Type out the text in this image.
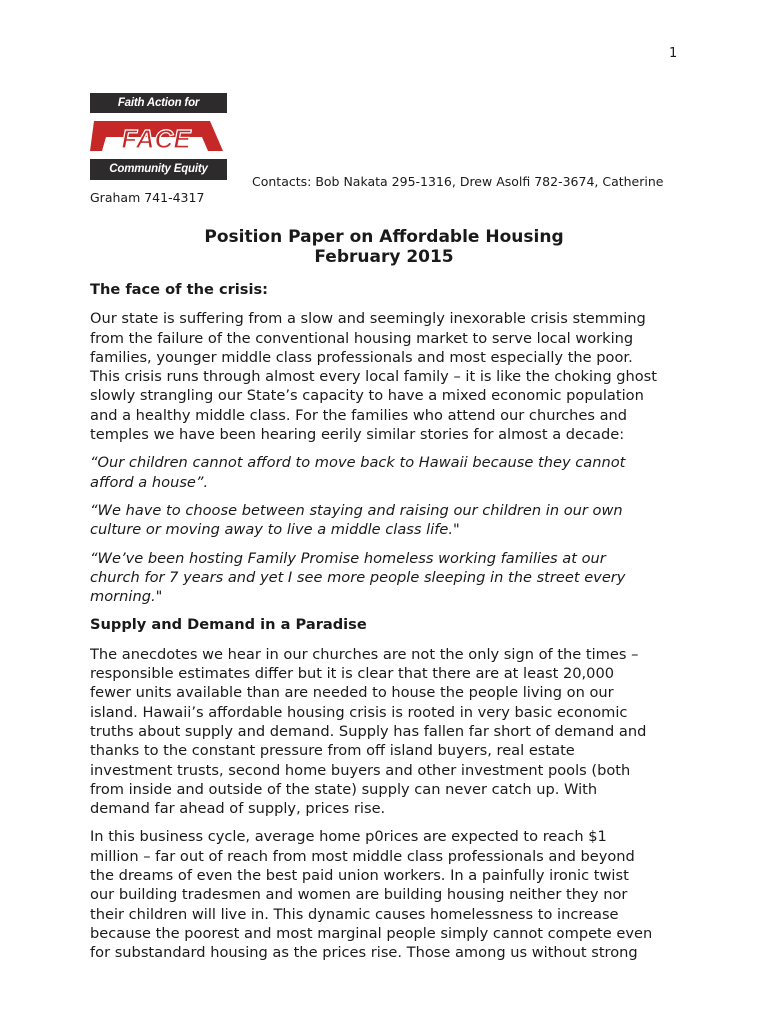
1
Faith Action for
FACE
Community Equity
Contacts: Bob Nakata 295-1316, Drew Asolfi 782-3674, Catherine
Graham 741-4317
Position Paper on Affordable Housing
February 2015
The face of the crisis:

Our state is suffering from a slow and seemingly inexorable crisis stemming
from the failure of the conventional housing market to serve local working
families, younger middle class professionals and most especially the poor.
This crisis runs through almost every local family – it is like the choking ghost
slowly strangling our State’s capacity to have a mixed economic population
and a healthy middle class. For the families who attend our churches and
temples we have been hearing eerily similar stories for almost a decade:

“Our children cannot afford to move back to Hawaii because they cannot
afford a house”.

“We have to choose between staying and raising our children in our own
culture or moving away to live a middle class life."

“We’ve been hosting Family Promise homeless working families at our
church for 7 years and yet I see more people sleeping in the street every
morning."

Supply and Demand in a Paradise

The anecdotes we hear in our churches are not the only sign of the times –
responsible estimates differ but it is clear that there are at least 20,000
fewer units available than are needed to house the people living on our
island. Hawaii’s affordable housing crisis is rooted in very basic economic
truths about supply and demand. Supply has fallen far short of demand and
thanks to the constant pressure from off island buyers, real estate
investment trusts, second home buyers and other investment pools (both
from inside and outside of the state) supply can never catch up. With
demand far ahead of supply, prices rise.

In this business cycle, average home p0rices are expected to reach $1
million – far out of reach from most middle class professionals and beyond
the dreams of even the best paid union workers. In a painfully ironic twist
our building tradesmen and women are building housing neither they nor
their children will live in. This dynamic causes homelessness to increase
because the poorest and most marginal people simply cannot compete even
for substandard housing as the prices rise. Those among us without strong
